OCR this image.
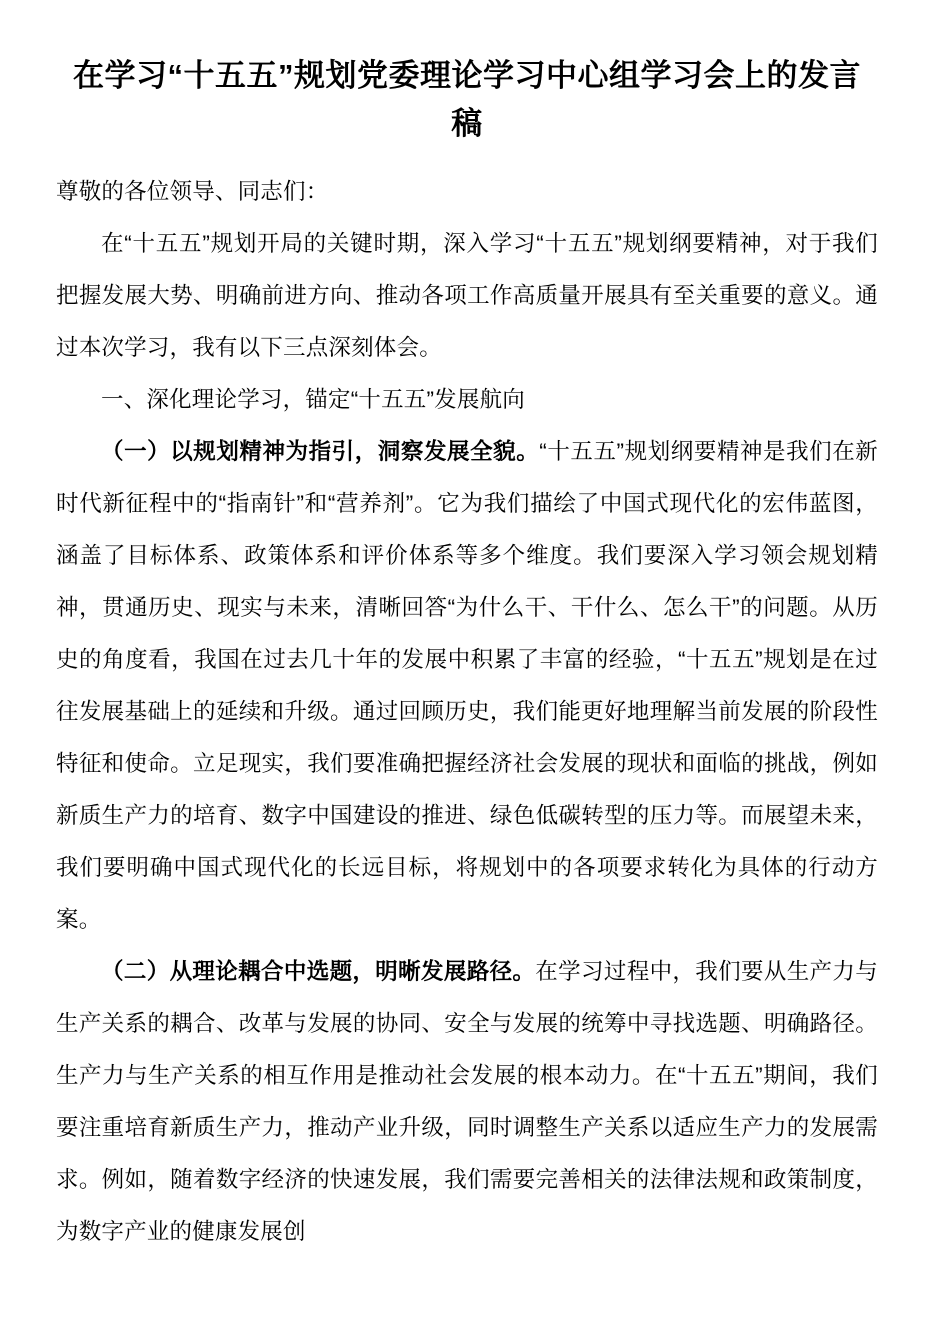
在学习“十五五”规划党委理论学习中心组学习会上的发言稿

尊敬的各位领导、同志们：

在“十五五”规划开局的关键时期，深入学习“十五五”规划纲要精神，对于我们把握发展大势、明确前进方向、推动各项工作高质量开展具有至关重要的意义。通过本次学习，我有以下三点深刻体会。

一、深化理论学习，锚定“十五五”发展航向

（一）以规划精神为指引，洞察发展全貌。“十五五”规划纲要精神是我们在新时代新征程中的“指南针”和“营养剂”。它为我们描绘了中国式现代化的宏伟蓝图，涵盖了目标体系、政策体系和评价体系等多个维度。我们要深入学习领会规划精神，贯通历史、现实与未来，清晰回答“为什么干、干什么、怎么干”的问题。从历史的角度看，我国在过去几十年的发展中积累了丰富的经验，“十五五”规划是在过往发展基础上的延续和升级。通过回顾历史，我们能更好地理解当前发展的阶段性特征和使命。立足现实，我们要准确把握经济社会发展的现状和面临的挑战，例如新质生产力的培育、数字中国建设的推进、绿色低碳转型的压力等。而展望未来，我们要明确中国式现代化的长远目标，将规划中的各项要求转化为具体的行动方案。

（二）从理论耦合中选题，明晰发展路径。在学习过程中，我们要从生产力与生产关系的耦合、改革与发展的协同、安全与发展的统筹中寻找选题、明确路径。生产力与生产关系的相互作用是推动社会发展的根本动力。在“十五五”期间，我们要注重培育新质生产力，推动产业升级，同时调整生产关系以适应生产力的发展需求。例如，随着数字经济的快速发展，我们需要完善相关的法律法规和政策制度，为数字产业的健康发展创
